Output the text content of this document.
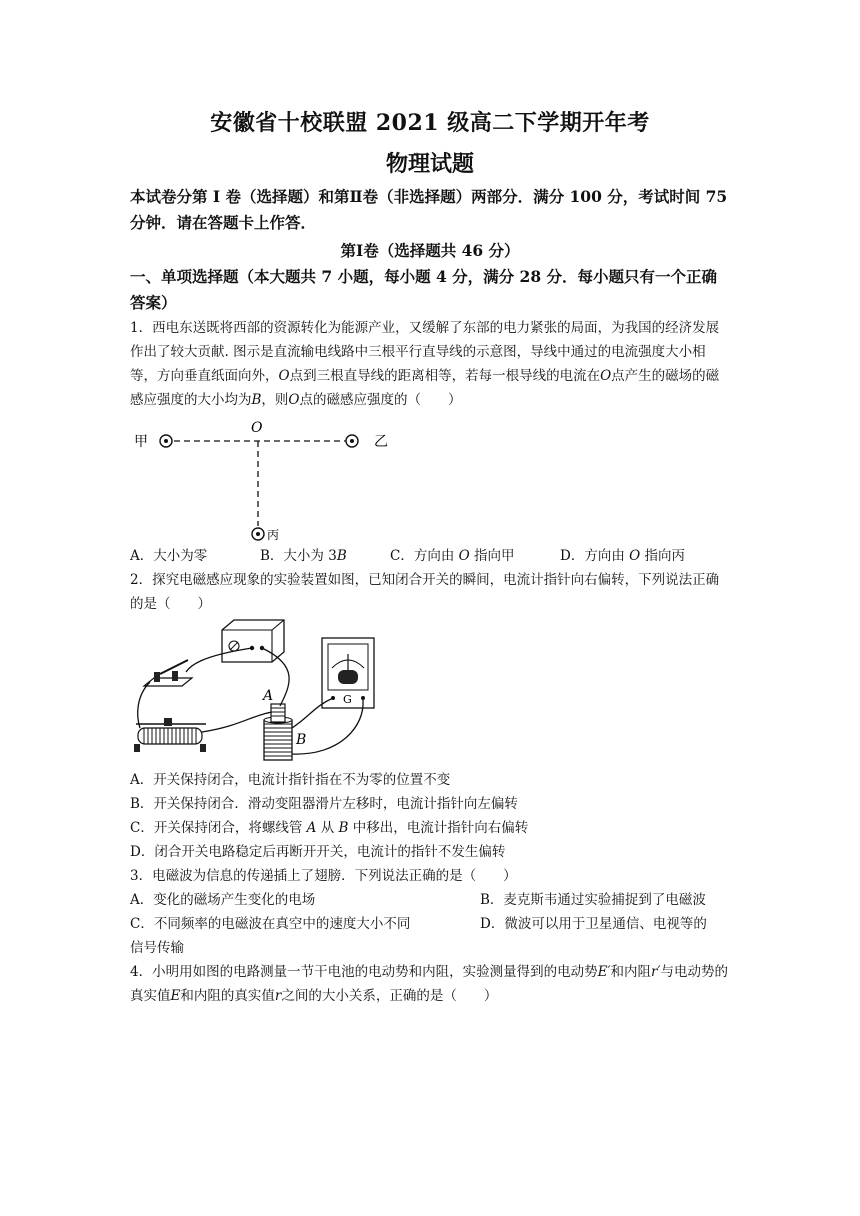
安徽省十校联盟 2021 级高二下学期开年考
物理试题
本试卷分第 I 卷（选择题）和第Ⅱ卷（非选择题）两部分．满分 100 分，考试时间 75 分钟．请在答题卡上作答．
第Ⅰ卷（选择题共 46 分）
一、单项选择题（本大题共 7 小题，每小题 4 分，满分 28 分．每小题只有一个正确答案）
1．西电东送既将西部的资源转化为能源产业，又缓解了东部的电力紧张的局面，为我国的经济发展作出了较大贡献. 图示是直流输电线路中三根平行直导线的示意图，导线中通过的电流强度大小相等，方向垂直纸面向外，O点到三根直导线的距离相等，若每一根导线的电流在O点产生的磁场的磁感应强度的大小均为B，则O点的磁感应强度的（　　）
甲
O
乙
丙
A．大小为零	B．大小为 3B	C．方向由 O 指向甲	D．方向由 O 指向丙
2．探究电磁感应现象的实验装置如图，已知闭合开关的瞬间，电流计指针向右偏转，下列说法正确的是（　　）
G
A
B
A．开关保持闭合，电流计指针指在不为零的位置不变
B．开关保持闭合．滑动变阻器滑片左移时，电流计指针向左偏转
C．开关保持闭合，将螺线管 A 从 B 中移出，电流计指针向右偏转
D．闭合开关电路稳定后再断开开关，电流计的指针不发生偏转
3．电磁波为信息的传递插上了翅膀．下列说法正确的是（　　）
A．变化的磁场产生变化的电场	B．麦克斯韦通过实验捕捉到了电磁波
C．不同频率的电磁波在真空中的速度大小不同	D．微波可以用于卫星通信、电视等的
信号传输
4．小明用如图的电路测量一节干电池的电动势和内阻，实验测量得到的电动势E′和内阻r′与电动势的真实值E和内阻的真实值r之间的大小关系，正确的是（　　）
